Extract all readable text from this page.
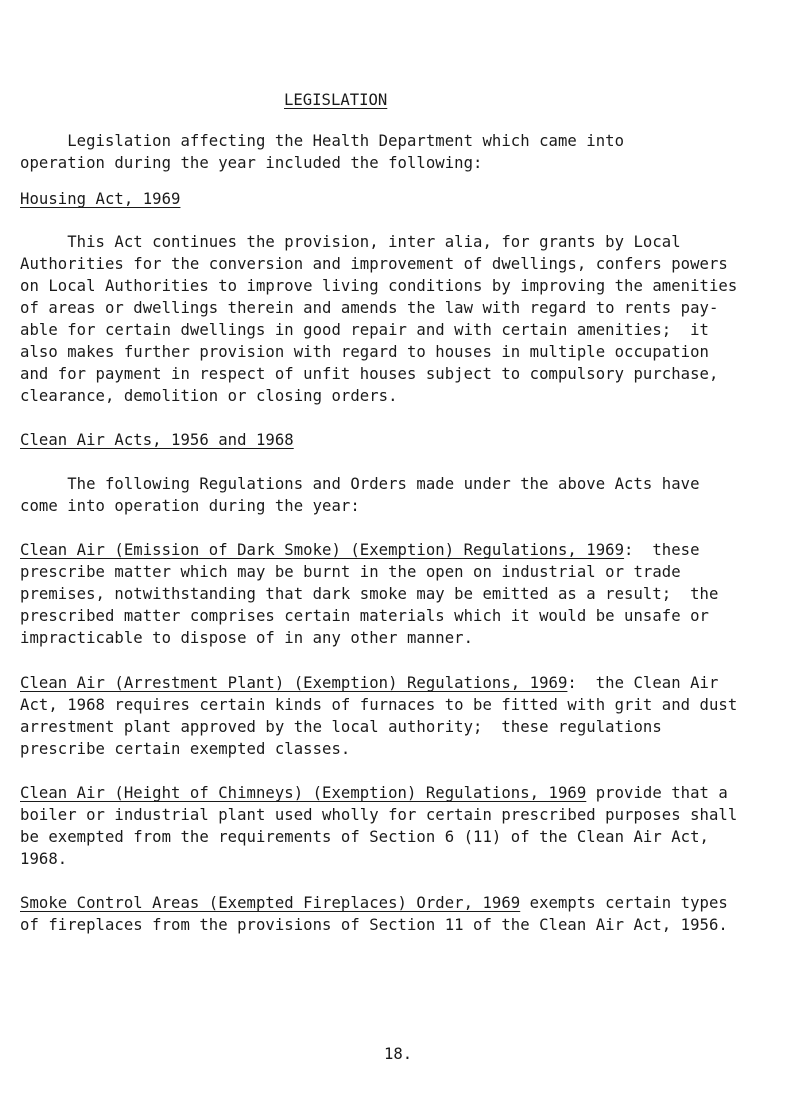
LEGISLATION
Legislation affecting the Health Department which came into
operation during the year included the following:
Housing Act, 1969
This Act continues the provision, inter alia, for grants by Local
Authorities for the conversion and improvement of dwellings, confers powers
on Local Authorities to improve living conditions by improving the amenities
of areas or dwellings therein and amends the law with regard to rents pay-
able for certain dwellings in good repair and with certain amenities;  it
also makes further provision with regard to houses in multiple occupation
and for payment in respect of unfit houses subject to compulsory purchase,
clearance, demolition or closing orders.
Clean Air Acts, 1956 and 1968
The following Regulations and Orders made under the above Acts have
come into operation during the year:
Clean Air (Emission of Dark Smoke) (Exemption) Regulations, 1969:  these
prescribe matter which may be burnt in the open on industrial or trade
premises, notwithstanding that dark smoke may be emitted as a result;  the
prescribed matter comprises certain materials which it would be unsafe or
impracticable to dispose of in any other manner.
Clean Air (Arrestment Plant) (Exemption) Regulations, 1969:  the Clean Air
Act, 1968 requires certain kinds of furnaces to be fitted with grit and dust
arrestment plant approved by the local authority;  these regulations
prescribe certain exempted classes.
Clean Air (Height of Chimneys) (Exemption) Regulations, 1969 provide that a
boiler or industrial plant used wholly for certain prescribed purposes shall
be exempted from the requirements of Section 6 (11) of the Clean Air Act,
1968.
Smoke Control Areas (Exempted Fireplaces) Order, 1969 exempts certain types
of fireplaces from the provisions of Section 11 of the Clean Air Act, 1956.
18.
